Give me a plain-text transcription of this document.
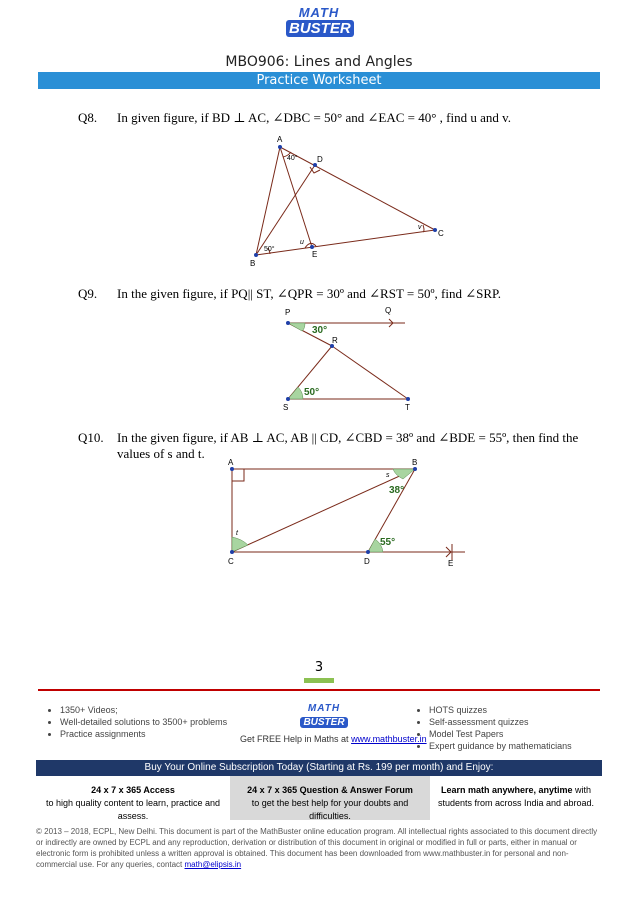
MATH
BUSTER
MBO906: Lines and Angles
Practice Worksheet
Q8. In given figure, if BD ⊥ AC, ∠DBC = 50° and ∠EAC = 40° , find u and v.
A
D
C
B
E
40°
50°
u
v
Q9. In the given figure, if PQ|| ST, ∠QPR = 30º and ∠RST = 50º, find ∠SRP.
P	Q
R
S	T
30°
50°
Q10. In the given figure, if AB ⊥ AC, AB || CD, ∠CBD = 38º and ∠BDE = 55º, then find the
values of s and t.
A	B
C	D	E
s
38°
t
55°
3
• 1350+ Videos;
• Well-detailed solutions to 3500+ problems
• Practice assignments
MATH
BUSTER
Get FREE Help in Maths at www.mathbuster.in
• HOTS quizzes
• Self-assessment quizzes
• Model Test Papers
• Expert guidance by mathematicians
Buy Your Online Subscription Today (Starting at Rs. 199 per month) and Enjoy:
24 x 7 x 365 Access
to high quality content to learn, practice and assess.
24 x 7 x 365 Question & Answer Forum
to get the best help for your doubts and difficulties.
Learn math anywhere, anytime with
students from across India and abroad.
© 2013 – 2018, ECPL, New Delhi. This document is part of the MathBuster online education program. All intellectual rights associated to this document directly or indirectly are owned by ECPL and any reproduction, derivation or distribution of this document in original or modified in full or parts, either in manual or electronic form is prohibited unless a written approval is obtained. This document has been downloaded from www.mathbuster.in for personal and non-commercial use. For any queries, contact math@elipsis.in
